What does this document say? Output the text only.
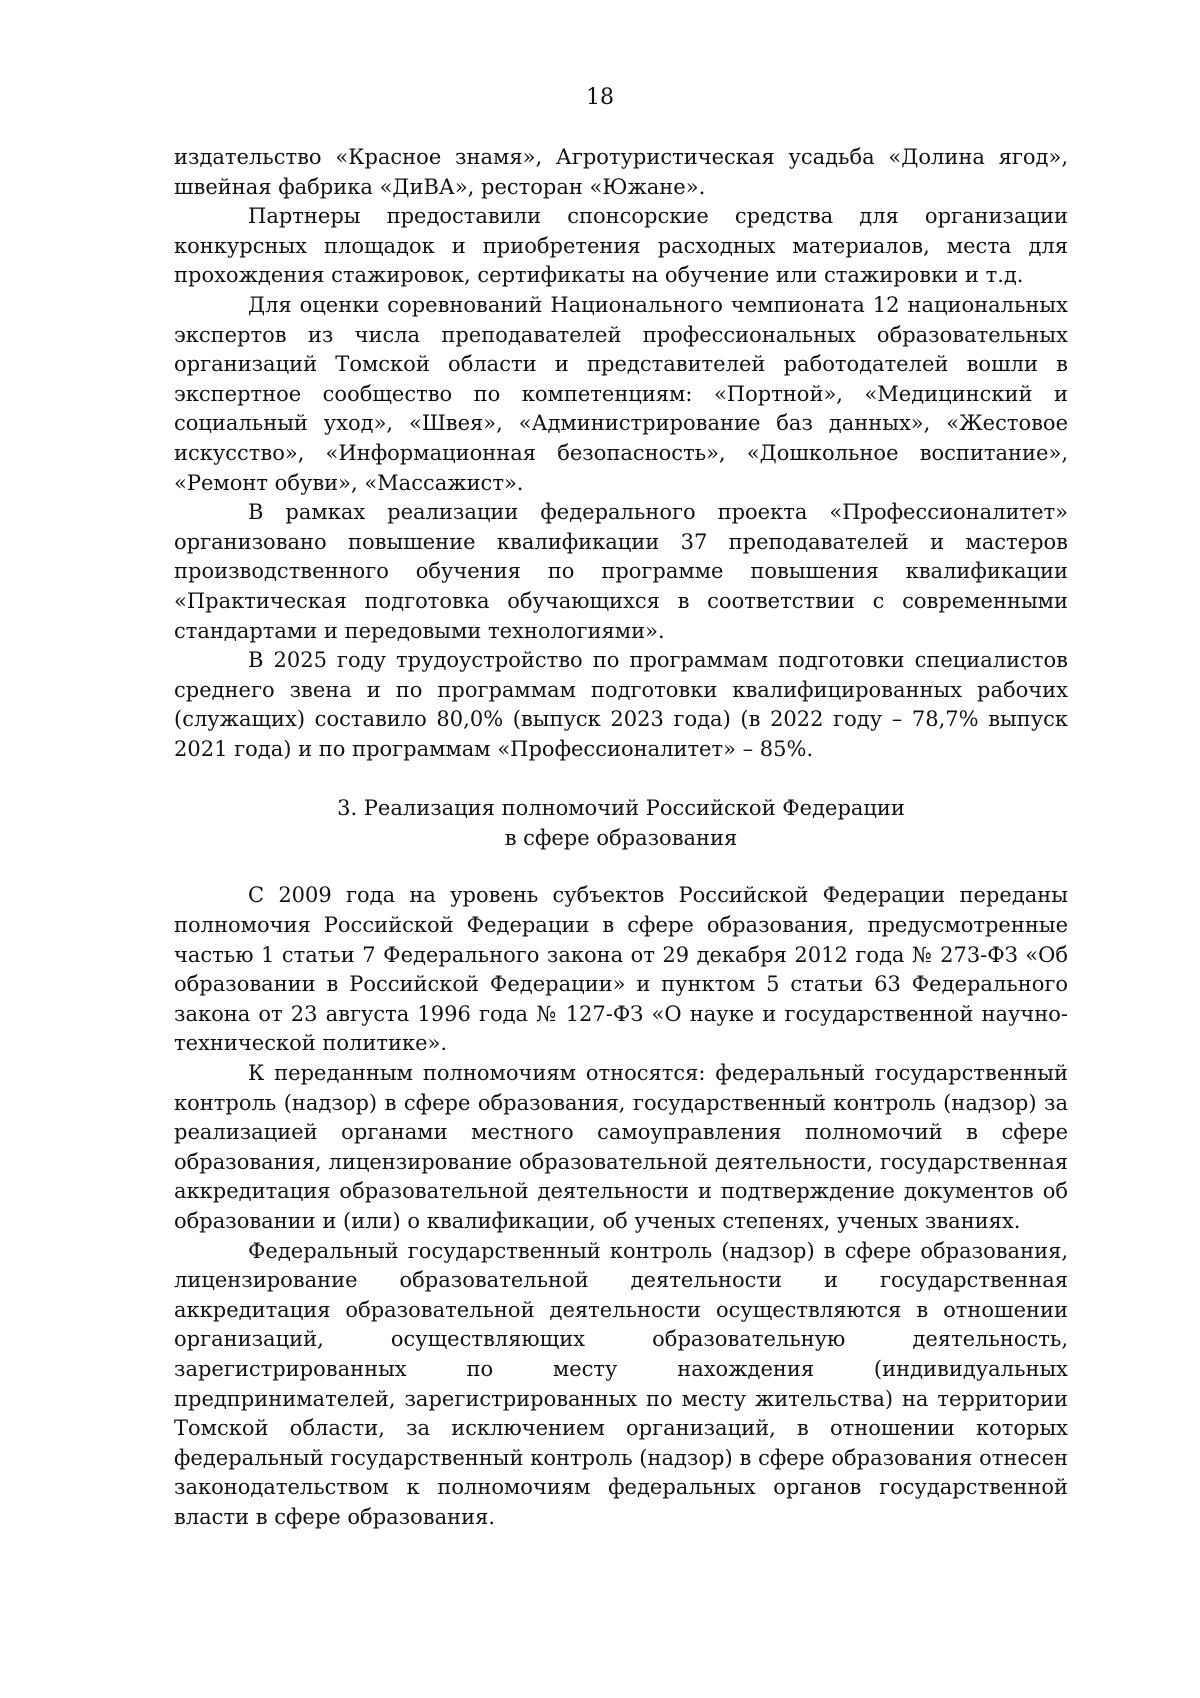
18

издательство «Красное знамя», Агротуристическая усадьба «Долина ягод», швейная фабрика «ДиВА», ресторан «Южане».

Партнеры предоставили спонсорские средства для организации конкурсных площадок и приобретения расходных материалов, места для прохождения стажировок, сертификаты на обучение или стажировки и т.д.

Для оценки соревнований Национального чемпионата 12 национальных экспертов из числа преподавателей профессиональных образовательных организаций Томской области и представителей работодателей вошли в экспертное сообщество по компетенциям: «Портной», «Медицинский и социальный уход», «Швея», «Администрирование баз данных», «Жестовое искусство», «Информационная безопасность», «Дошкольное воспитание», «Ремонт обуви», «Массажист».

В рамках реализации федерального проекта «Профессионалитет» организовано повышение квалификации 37 преподавателей и мастеров производственного обучения по программе повышения квалификации «Практическая подготовка обучающихся в соответствии с современными стандартами и передовыми технологиями».

В 2025 году трудоустройство по программам подготовки специалистов среднего звена и по программам подготовки квалифицированных рабочих (служащих) составило 80,0% (выпуск 2023 года) (в 2022 году – 78,7% выпуск 2021 года) и по программам «Профессионалитет» – 85%.

3. Реализация полномочий Российской Федерации
в сфере образования

С 2009 года на уровень субъектов Российской Федерации переданы полномочия Российской Федерации в сфере образования, предусмотренные частью 1 статьи 7 Федерального закона от 29 декабря 2012 года № 273-ФЗ «Об образовании в Российской Федерации» и пунктом 5 статьи 63 Федерального закона от 23 августа 1996 года № 127-ФЗ «О науке и государственной научно-технической политике».

К переданным полномочиям относятся: федеральный государственный контроль (надзор) в сфере образования, государственный контроль (надзор) за реализацией органами местного самоуправления полномочий в сфере образования, лицензирование образовательной деятельности, государственная аккредитация образовательной деятельности и подтверждение документов об образовании и (или) о квалификации, об ученых степенях, ученых званиях.

Федеральный государственный контроль (надзор) в сфере образования, лицензирование образовательной деятельности и государственная аккредитация образовательной деятельности осуществляются в отношении организаций, осуществляющих образовательную деятельность, зарегистрированных по месту нахождения (индивидуальных предпринимателей, зарегистрированных по месту жительства) на территории Томской области, за исключением организаций, в отношении которых федеральный государственный контроль (надзор) в сфере образования отнесен законодательством к полномочиям федеральных органов государственной власти в сфере образования.
